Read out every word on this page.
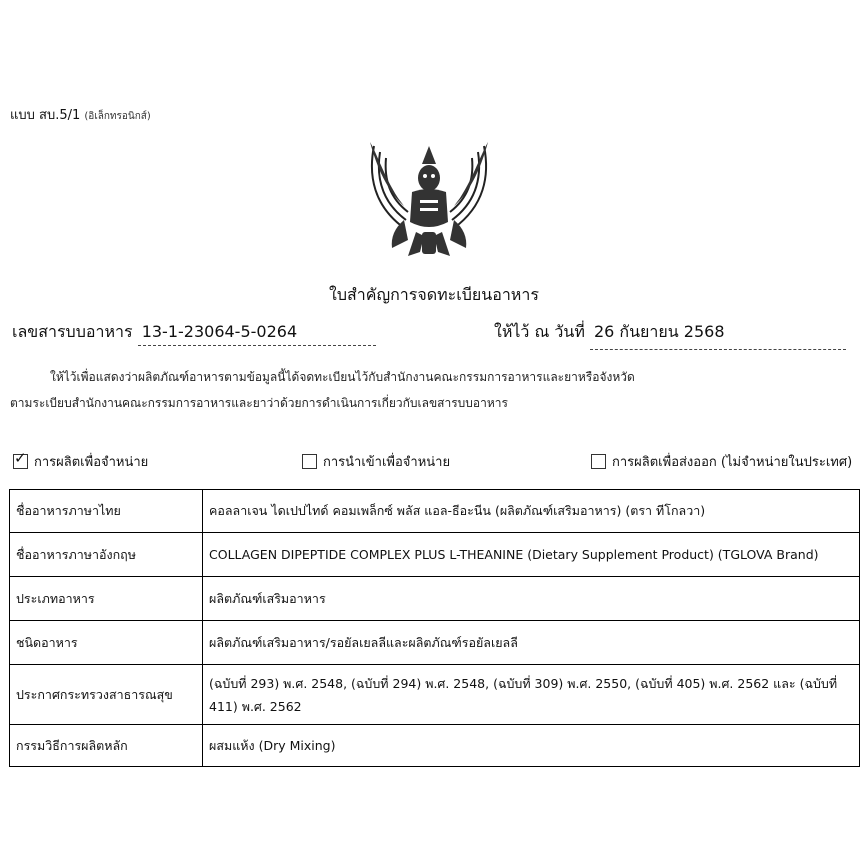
แบบ สบ.5/1 (อิเล็กทรอนิกส์)
ใบสำคัญการจดทะเบียนอาหาร
เลขสารบบอาหาร 13-1-23064-5-0264	ให้ไว้ ณ วันที่ 26 กันยายน 2568
ให้ไว้เพื่อแสดงว่าผลิตภัณฑ์อาหารตามข้อมูลนี้ได้จดทะเบียนไว้กับสำนักงานคณะกรรมการอาหารและยาหรือจังหวัด
ตามระเบียบสำนักงานคณะกรรมการอาหารและยาว่าด้วยการดำเนินการเกี่ยวกับเลขสารบบอาหาร
✓ การผลิตเพื่อจำหน่าย	การนำเข้าเพื่อจำหน่าย	การผลิตเพื่อส่งออก (ไม่จำหน่ายในประเทศ)
ชื่ออาหารภาษาไทย	คอลลาเจน ไดเปปไทด์ คอมเพล็กซ์ พลัส แอล-ธีอะนีน (ผลิตภัณฑ์เสริมอาหาร) (ตรา ทีโกลวา)
ชื่ออาหารภาษาอังกฤษ	COLLAGEN DIPEPTIDE COMPLEX PLUS L-THEANINE (Dietary Supplement Product) (TGLOVA Brand)
ประเภทอาหาร	ผลิตภัณฑ์เสริมอาหาร
ชนิดอาหาร	ผลิตภัณฑ์เสริมอาหาร/รอยัลเยลลีและผลิตภัณฑ์รอยัลเยลลี
ประกาศกระทรวงสาธารณสุข	(ฉบับที่ 293) พ.ศ. 2548, (ฉบับที่ 294) พ.ศ. 2548, (ฉบับที่ 309) พ.ศ. 2550, (ฉบับที่ 405) พ.ศ. 2562 และ (ฉบับที่ 411) พ.ศ. 2562
กรรมวิธีการผลิตหลัก	ผสมแห้ง (Dry Mixing)
